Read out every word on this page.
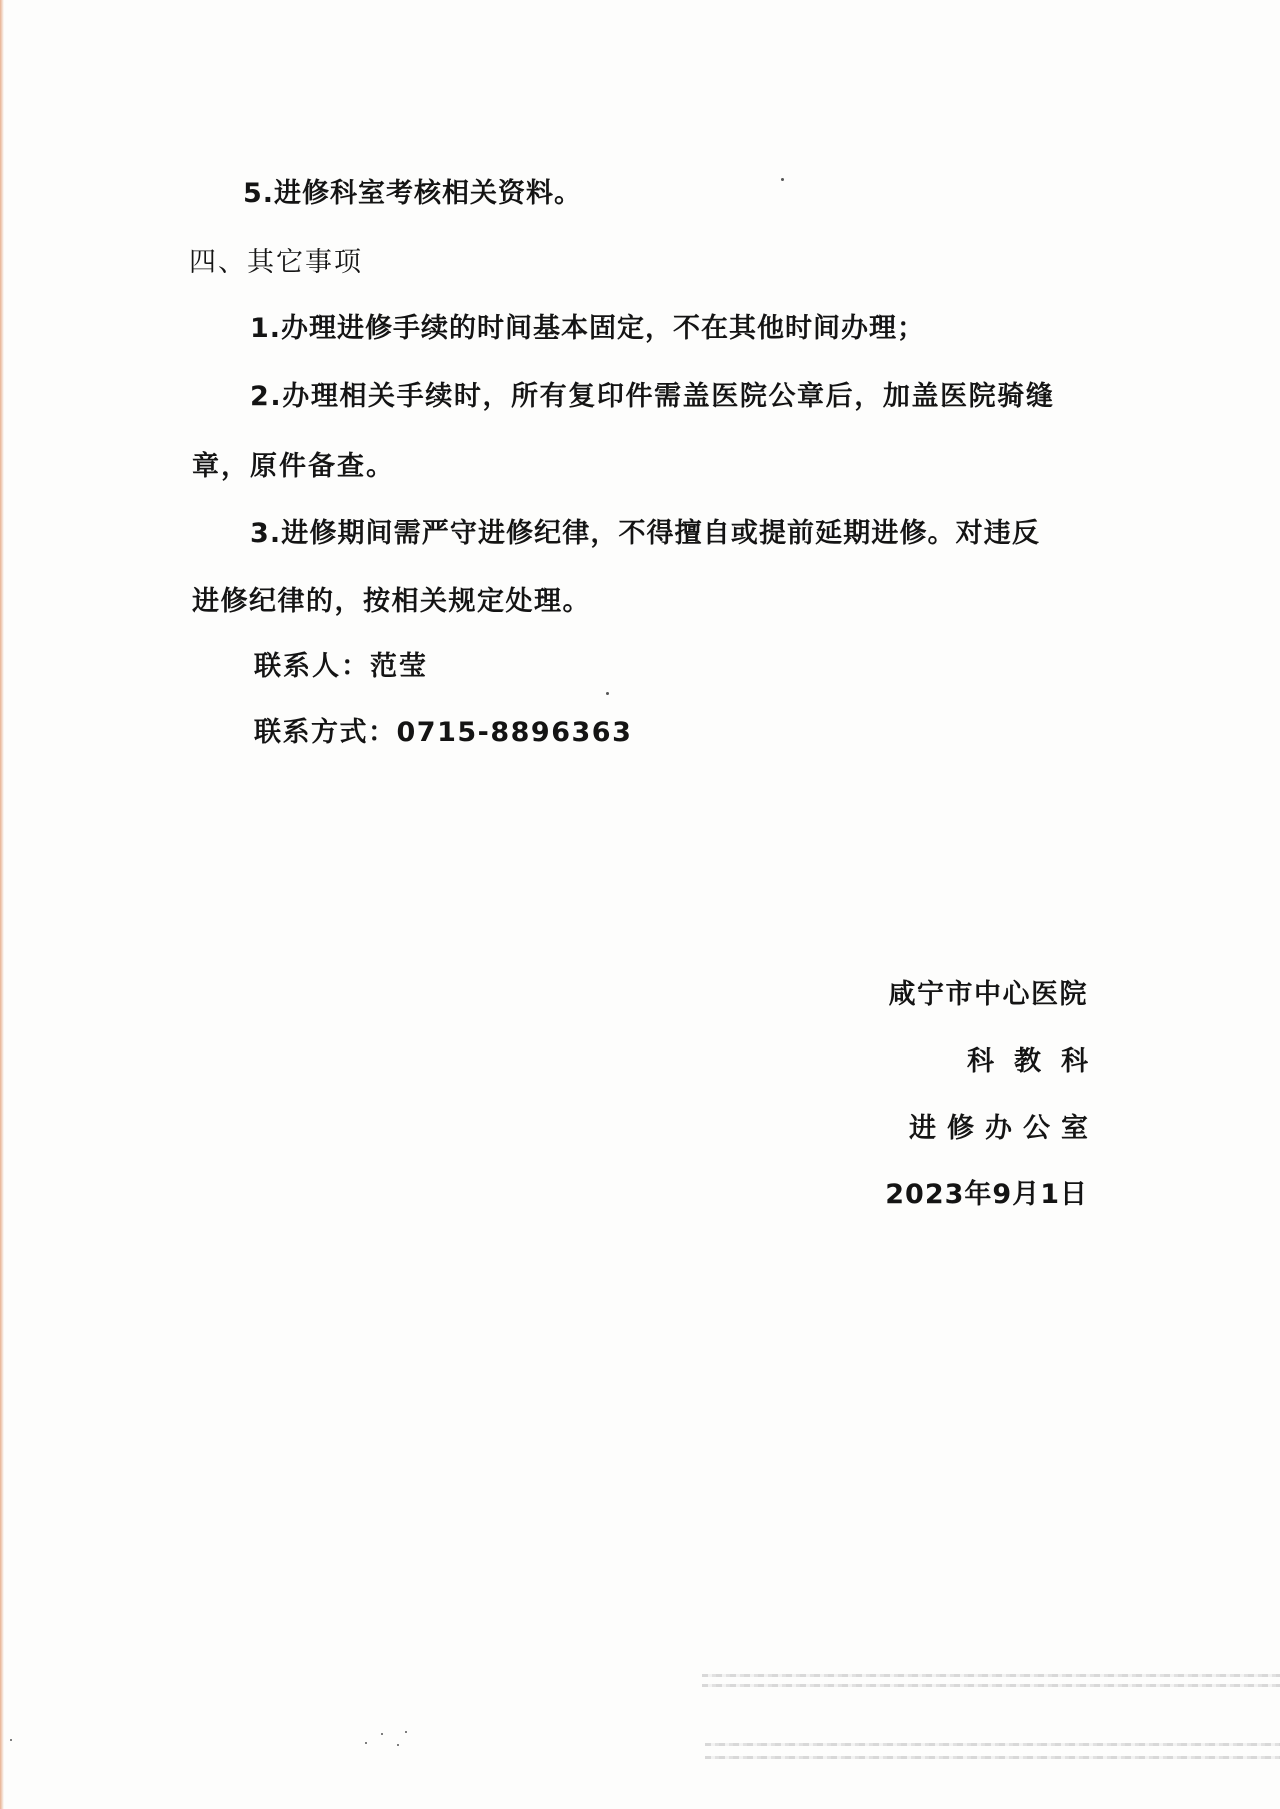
5.进修科室考核相关资料。
四、其它事项
1.办理进修手续的时间基本固定，不在其他时间办理；
2.办理相关手续时，所有复印件需盖医院公章后，加盖医院骑缝
章，原件备查。
3.进修期间需严守进修纪律，不得擅自或提前延期进修。对违反
进修纪律的，按相关规定处理。
联系人：范莹
联系方式：0715-8896363
咸宁市中心医院
科教科
进修办公室
2023年9月1日
